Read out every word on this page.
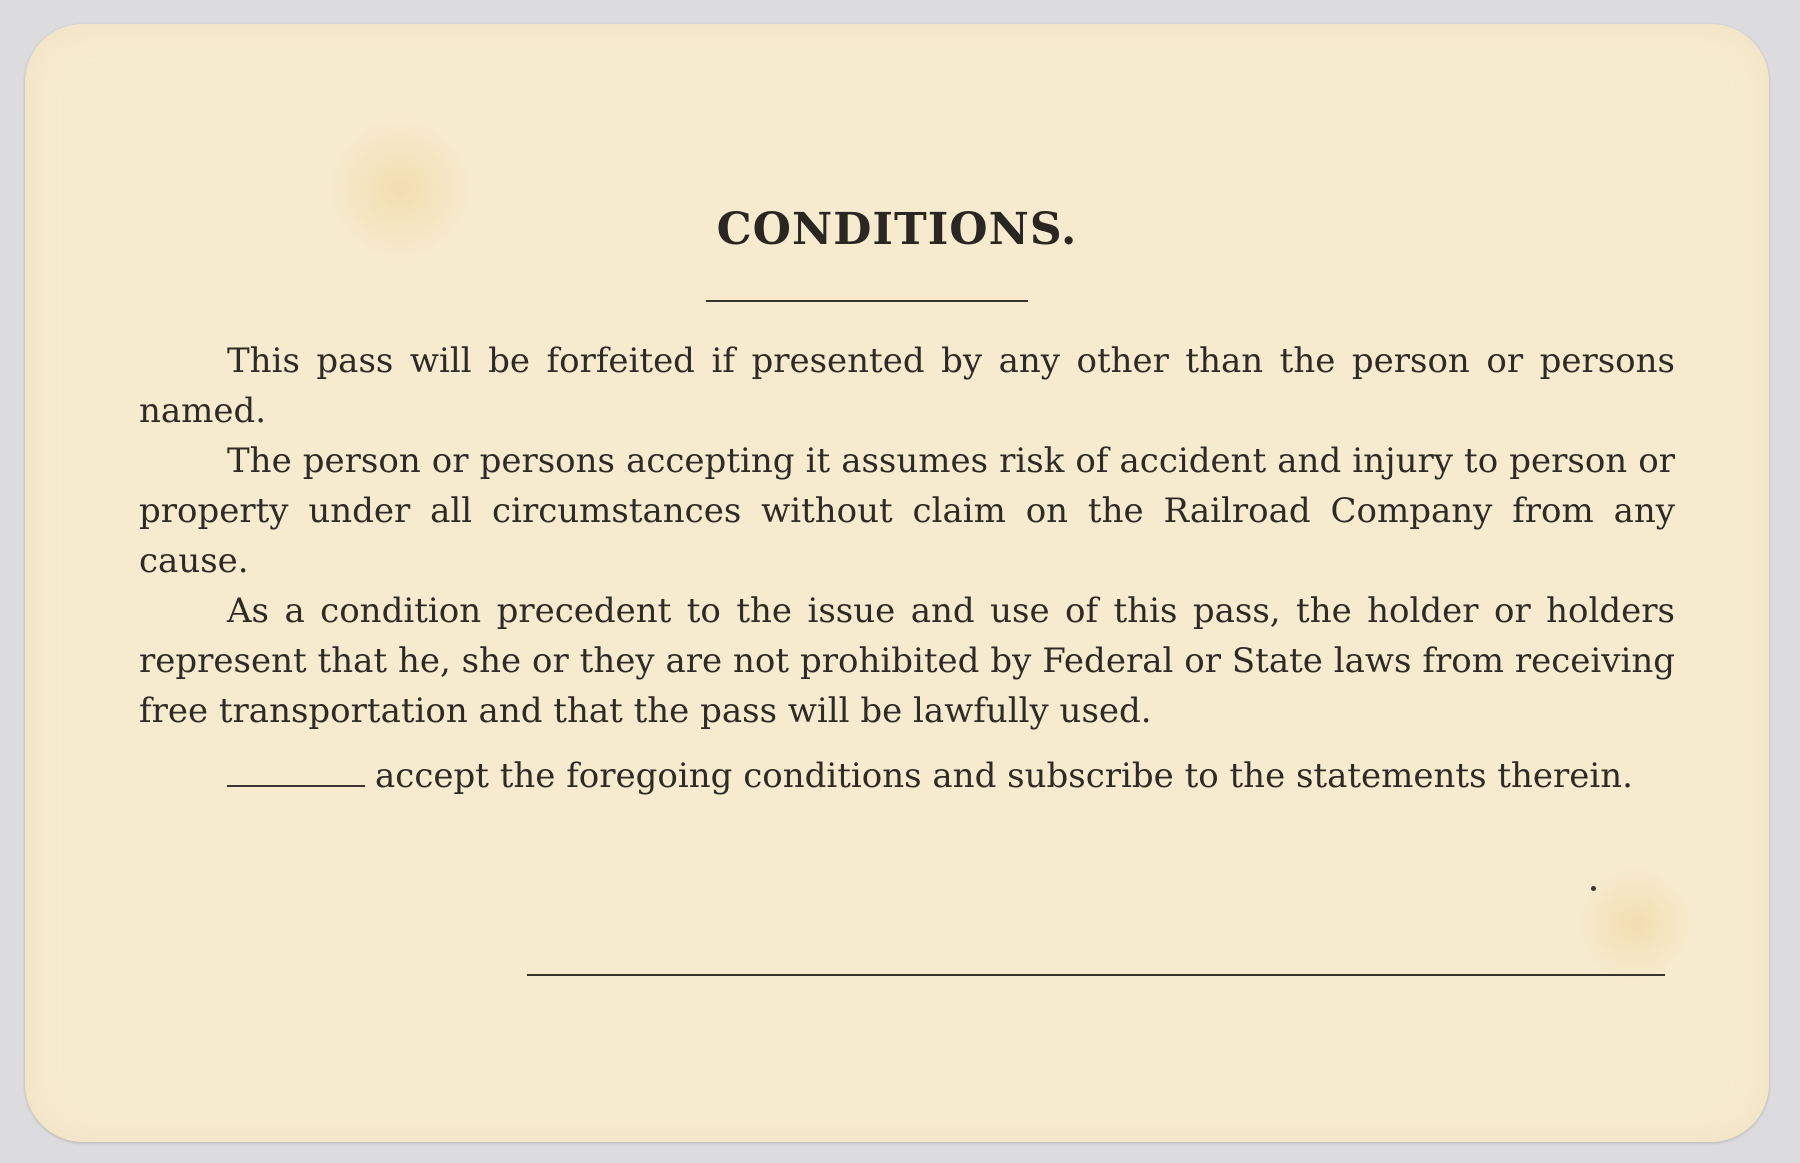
CONDITIONS.

This pass will be forfeited if presented by any other than the person or persons named.

The person or persons accepting it assumes risk of accident and injury to person or property under all circumstances without claim on the Railroad Company from any cause.

As a condition precedent to the issue and use of this pass, the holder or holders represent that he, she or they are not prohibited by Federal or State laws from receiving free transportation and that the pass will be lawfully used.

accept the foregoing conditions and subscribe to the statements therein.
